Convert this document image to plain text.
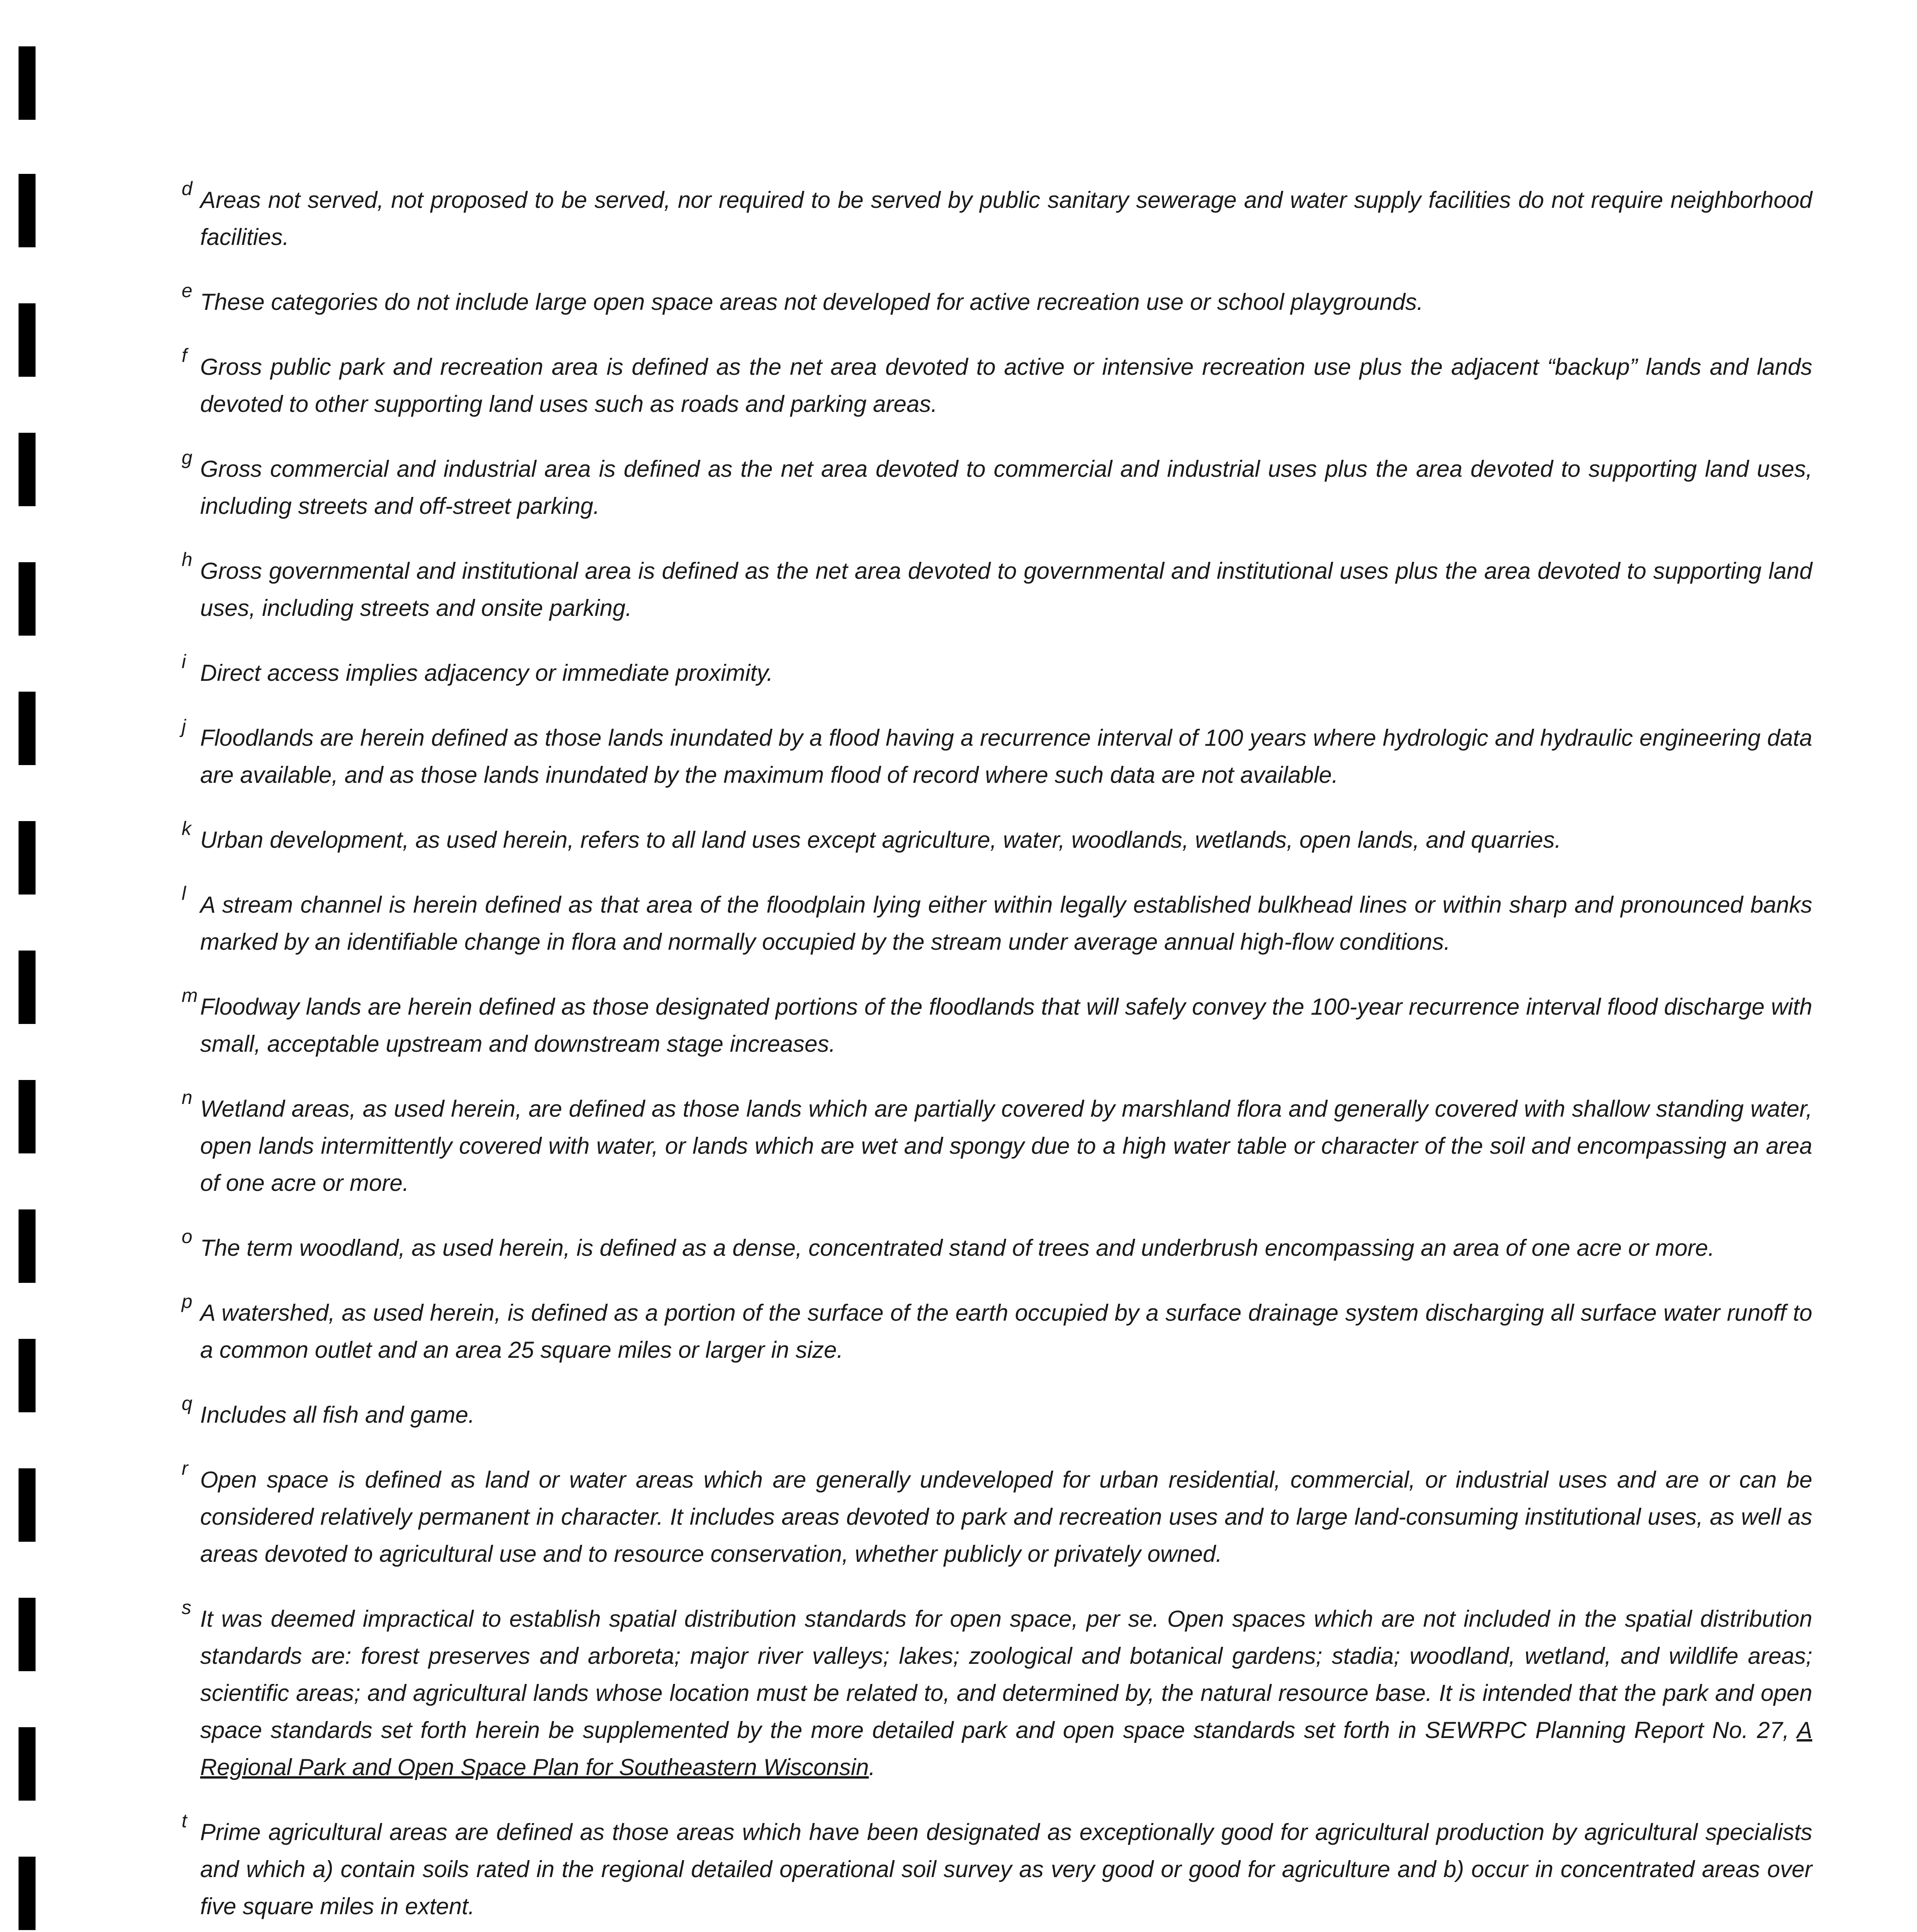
d Areas not served, not proposed to be served, nor required to be served by public sanitary sewerage and water supply facilities do not require neighborhood facilities.
e These categories do not include large open space areas not developed for active recreation use or school playgrounds.
f Gross public park and recreation area is defined as the net area devoted to active or intensive recreation use plus the adjacent “backup” lands and lands devoted to other supporting land uses such as roads and parking areas.
g Gross commercial and industrial area is defined as the net area devoted to commercial and industrial uses plus the area devoted to supporting land uses, including streets and off-street parking.
h Gross governmental and institutional area is defined as the net area devoted to governmental and institutional uses plus the area devoted to supporting land uses, including streets and onsite parking.
i Direct access implies adjacency or immediate proximity.
j Floodlands are herein defined as those lands inundated by a flood having a recurrence interval of 100 years where hydrologic and hydraulic engineering data are available, and as those lands inundated by the maximum flood of record where such data are not available.
k Urban development, as used herein, refers to all land uses except agriculture, water, woodlands, wetlands, open lands, and quarries.
l A stream channel is herein defined as that area of the floodplain lying either within legally established bulkhead lines or within sharp and pronounced banks marked by an identifiable change in flora and normally occupied by the stream under average annual high-flow conditions.
m Floodway lands are herein defined as those designated portions of the floodlands that will safely convey the 100-year recurrence interval flood discharge with small, acceptable upstream and downstream stage increases.
n Wetland areas, as used herein, are defined as those lands which are partially covered by marshland flora and generally covered with shallow standing water, open lands intermittently covered with water, or lands which are wet and spongy due to a high water table or character of the soil and encompassing an area of one acre or more.
o The term woodland, as used herein, is defined as a dense, concentrated stand of trees and underbrush encompassing an area of one acre or more.
p A watershed, as used herein, is defined as a portion of the surface of the earth occupied by a surface drainage system discharging all surface water runoff to a common outlet and an area 25 square miles or larger in size.
q Includes all fish and game.
r Open space is defined as land or water areas which are generally undeveloped for urban residential, commercial, or industrial uses and are or can be considered relatively permanent in character. It includes areas devoted to park and recreation uses and to large land-consuming institutional uses, as well as areas devoted to agricultural use and to resource conservation, whether publicly or privately owned.
s It was deemed impractical to establish spatial distribution standards for open space, per se. Open spaces which are not included in the spatial distribution standards are: forest preserves and arboreta; major river valleys; lakes; zoological and botanical gardens; stadia; woodland, wetland, and wildlife areas; scientific areas; and agricultural lands whose location must be related to, and determined by, the natural resource base. It is intended that the park and open space standards set forth herein be supplemented by the more detailed park and open space standards set forth in SEWRPC Planning Report No. 27, A Regional Park and Open Space Plan for Southeastern Wisconsin.
t Prime agricultural areas are defined as those areas which have been designated as exceptionally good for agricultural production by agricultural specialists and which a) contain soils rated in the regional detailed operational soil survey as very good or good for agriculture and b) occur in concentrated areas over five square miles in extent.
